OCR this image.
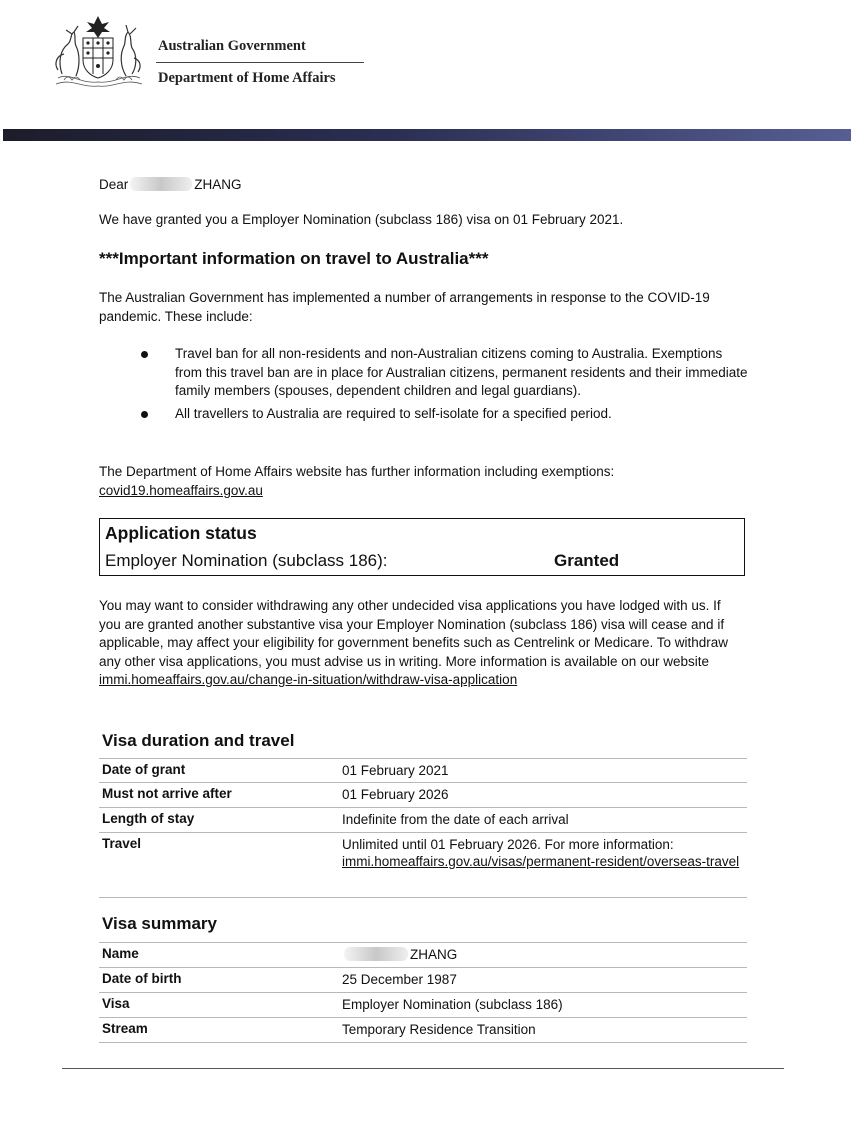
Australian Government
Department of Home Affairs
Dear	ZHANG
We have granted you a Employer Nomination (subclass 186) visa on 01 February 2021.
***Important information on travel to Australia***
The Australian Government has implemented a number of arrangements in response to the COVID-19 pandemic. These include:
Travel ban for all non-residents and non-Australian citizens coming to Australia. Exemptions from this travel ban are in place for Australian citizens, permanent residents and their immediate family members (spouses, dependent children and legal guardians).
All travellers to Australia are required to self-isolate for a specified period.
The Department of Home Affairs website has further information including exemptions:
covid19.homeaffairs.gov.au
Application status
Employer Nomination (subclass 186):	Granted
You may want to consider withdrawing any other undecided visa applications you have lodged with us. If you are granted another substantive visa your Employer Nomination (subclass 186) visa will cease and if applicable, may affect your eligibility for government benefits such as Centrelink or Medicare. To withdraw any other visa applications, you must advise us in writing. More information is available on our website immi.homeaffairs.gov.au/change-in-situation/withdraw-visa-application
Visa duration and travel
Date of grant	01 February 2021
Must not arrive after	01 February 2026
Length of stay	Indefinite from the date of each arrival
Travel	Unlimited until 01 February 2026. For more information:
immi.homeaffairs.gov.au/visas/permanent-resident/overseas-travel
Visa summary
Name	ZHANG
Date of birth	25 December 1987
Visa	Employer Nomination (subclass 186)
Stream	Temporary Residence Transition
